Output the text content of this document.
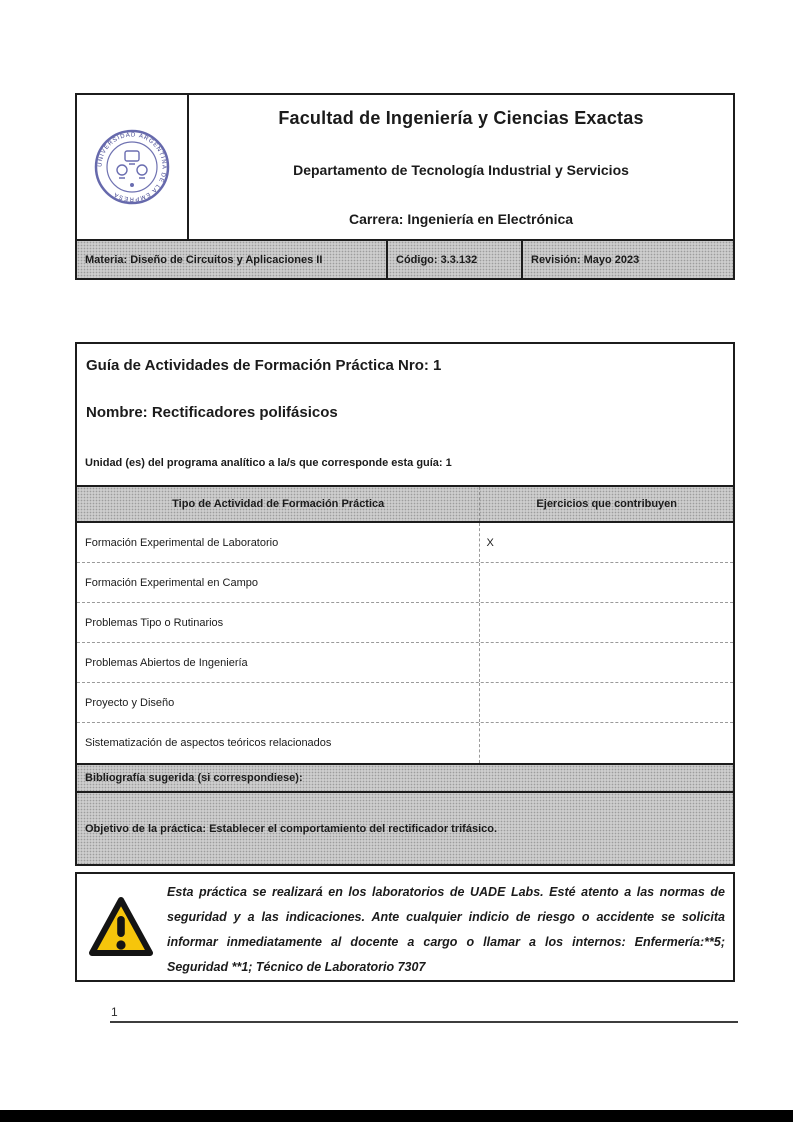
UNIVERSIDAD ARGENTINA DE LA EMPRESA
Facultad de Ingeniería y Ciencias Exactas
Departamento de Tecnología Industrial y Servicios
Carrera: Ingeniería en Electrónica
Materia: Diseño de Circuitos y Aplicaciones II	Código: 3.3.132	Revisión: Mayo 2023
Guía de Actividades de Formación Práctica Nro: 1
Nombre: Rectificadores polifásicos
Unidad (es) del programa analítico a la/s que corresponde esta guía: 1
Tipo de Actividad de Formación Práctica	Ejercicios que contribuyen
Formación Experimental de Laboratorio	X
Formación Experimental en Campo
Problemas Tipo o Rutinarios
Problemas Abiertos de Ingeniería
Proyecto y Diseño
Sistematización de aspectos teóricos relacionados
Bibliografía sugerida (si correspondiese):
Objetivo de la práctica: Establecer el comportamiento del rectificador trifásico.
Esta práctica se realizará en los laboratorios de UADE Labs. Esté atento a las normas de seguridad y a las indicaciones. Ante cualquier indicio de riesgo o accidente se solicita informar inmediatamente al docente a cargo o llamar a los internos: Enfermería:**5; Seguridad **1; Técnico de Laboratorio 7307
1
